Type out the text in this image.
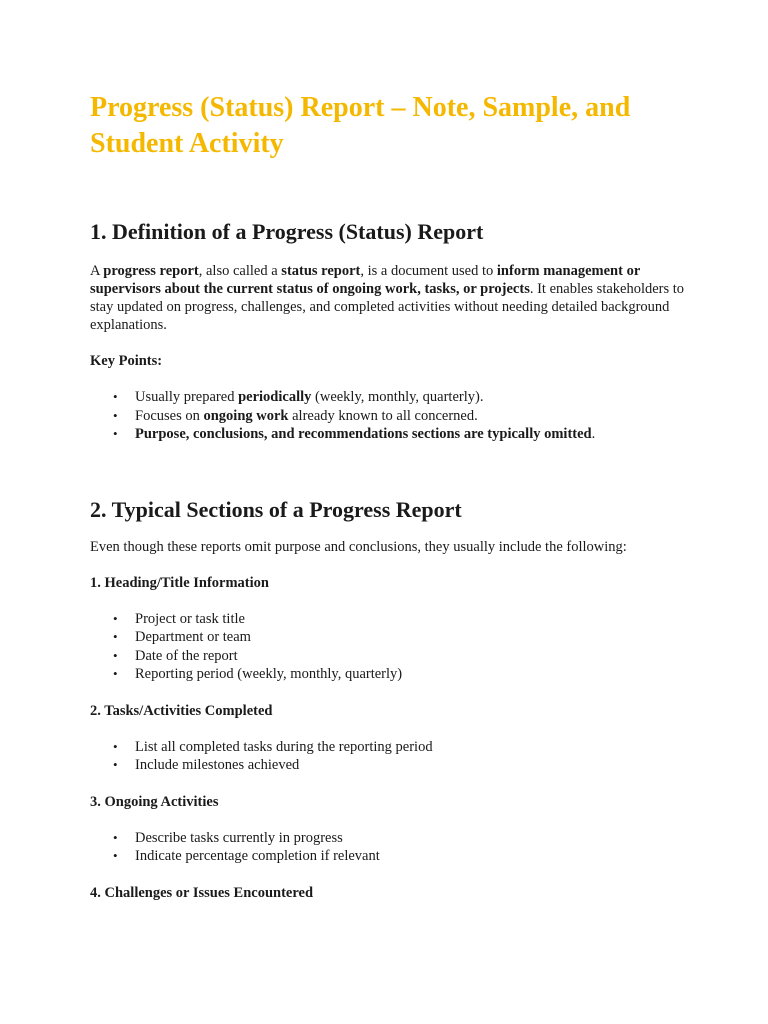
Progress (Status) Report – Note, Sample, and Student Activity
1. Definition of a Progress (Status) Report

A progress report, also called a status report, is a document used to inform management or supervisors about the current status of ongoing work, tasks, or projects. It enables stakeholders to stay updated on progress, challenges, and completed activities without needing detailed background explanations.

Key Points:

• Usually prepared periodically (weekly, monthly, quarterly).
• Focuses on ongoing work already known to all concerned.
• Purpose, conclusions, and recommendations sections are typically omitted.
2. Typical Sections of a Progress Report

Even though these reports omit purpose and conclusions, they usually include the following:

1. Heading/Title Information

• Project or task title
• Department or team
• Date of the report
• Reporting period (weekly, monthly, quarterly)

2. Tasks/Activities Completed

• List all completed tasks during the reporting period
• Include milestones achieved

3. Ongoing Activities

• Describe tasks currently in progress
• Indicate percentage completion if relevant

4. Challenges or Issues Encountered
